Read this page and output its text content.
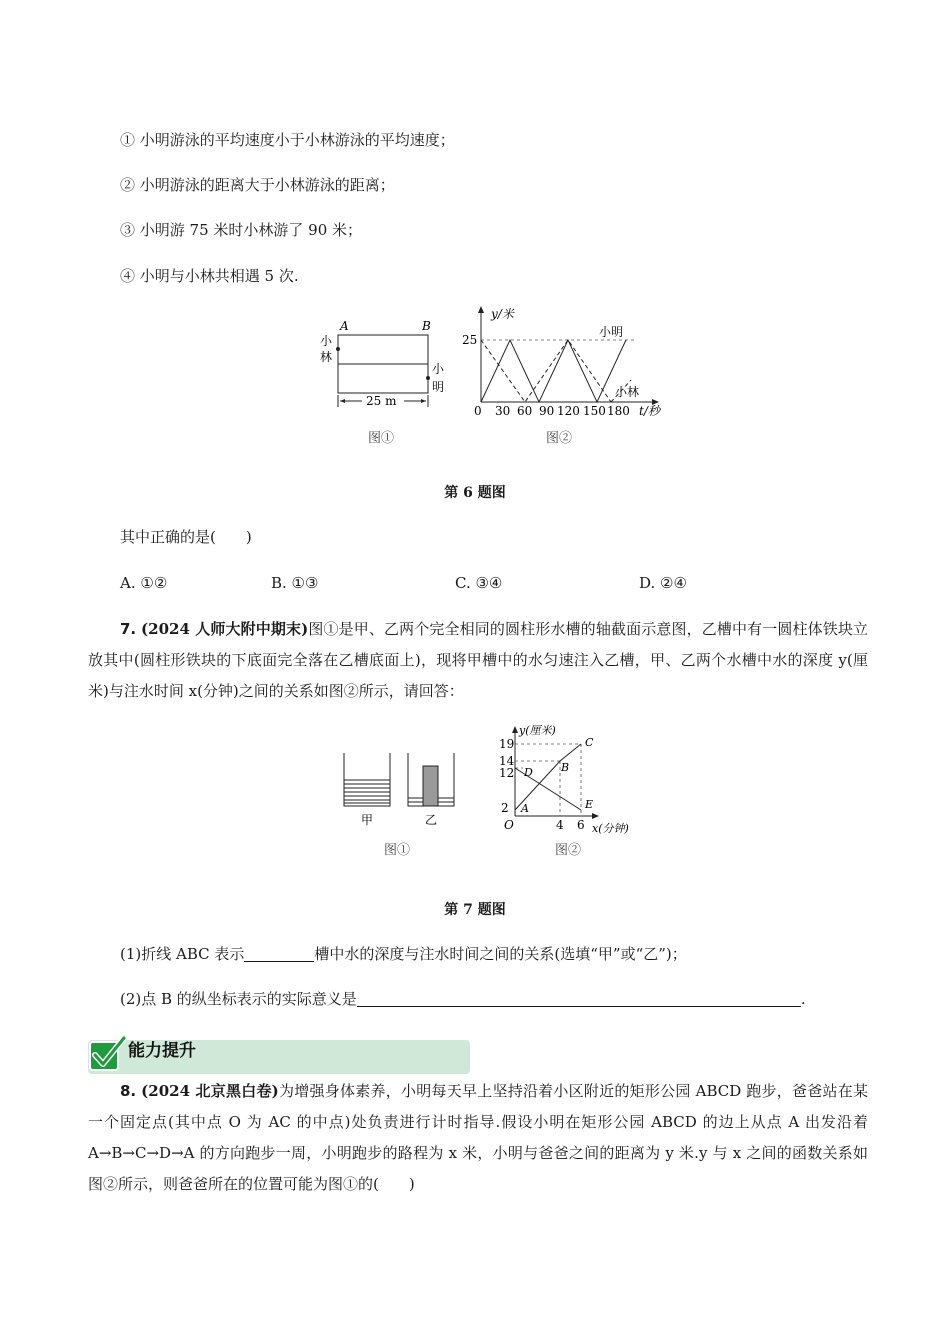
① 小明游泳的平均速度小于小林游泳的平均速度；
② 小明游泳的距离大于小林游泳的距离；
③ 小明游 75 米时小林游了 90 米；
④ 小明与小林共相遇 5 次.
A	B
小
林
小
明
25 m
图①
y/米
25
小明
小林
0 30 60 90 120 150 180 t/秒
图②
第 6 题图
其中正确的是(　　)
A. ①②	B. ①③	C. ③④	D. ②④
7. (2024 人师大附中期末)图①是甲、乙两个完全相同的圆柱形水槽的轴截面示意图，乙槽中有一圆柱体铁块立放其中(圆柱形铁块的下底面完全落在乙槽底面上)，现将甲槽中的水匀速注入乙槽，甲、乙两个水槽中水的深度 y(厘米)与注水时间 x(分钟)之间的关系如图②所示，请回答：
甲	乙
图①
y(厘米)
19
14
12
2 A
B
C
D
E
O	4 6 x(分钟)
图②
第 7 题图
(1)折线 ABC 表示	槽中水的深度与注水时间之间的关系(选填“甲”或“乙”)；
(2)点 B 的纵坐标表示的实际意义是	.
能力提升
8. (2024 北京黑白卷)为增强身体素养，小明每天早上坚持沿着小区附近的矩形公园 ABCD 跑步，爸爸站在某一个固定点(其中点 O 为 AC 的中点)处负责进行计时指导.假设小明在矩形公园 ABCD 的边上从点 A 出发沿着 A→B→C→D→A 的方向跑步一周，小明跑步的路程为 x 米，小明与爸爸之间的距离为 y 米.y 与 x 之间的函数关系如图②所示，则爸爸所在的位置可能为图①的(　　)
